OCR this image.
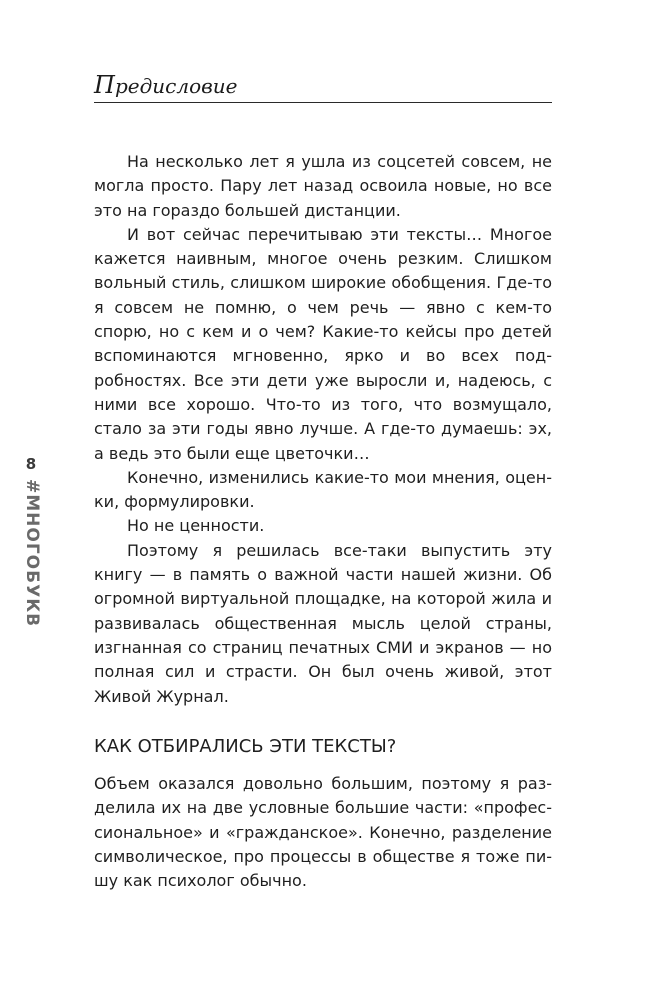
Предисловие
8
#МНОГОБУКВ

На несколько лет я ушла из соцсетей совсем, не могла просто. Пару лет назад освоила новые, но все это на гораздо большей дистанции.

И вот сейчас перечитываю эти тексты… Многое кажется наивным, многое очень резким. Слишком вольный стиль, слишком широкие обобщения. Где-то я совсем не помню, о чем речь — явно с кем-то спорю, но с кем и о чем? Какие-то кейсы про детей вспоминаются мгновенно, ярко и во всех подробностях. Все эти дети уже выросли и, надеюсь, с ними все хорошо. Что-то из того, что возмущало, стало за эти годы явно лучше. А где-то думаешь: эх, а ведь это были еще цветочки…

Конечно, изменились какие-то мои мнения, оценки, формулировки.

Но не ценности.

Поэтому я решилась все-таки выпустить эту книгу — в память о важной части нашей жизни. Об огромной виртуальной площадке, на которой жила и развивалась общественная мысль целой страны, изгнанная со страниц печатных СМИ и экранов — но полная сил и страсти. Он был очень живой, этот Живой Журнал.

КАК ОТБИРАЛИСЬ ЭТИ ТЕКСТЫ?

Объем оказался довольно большим, поэтому я разделила их на две условные большие части: «профессиональное» и «гражданское». Конечно, разделение символическое, про процессы в обществе я тоже пишу как психолог обычно.
